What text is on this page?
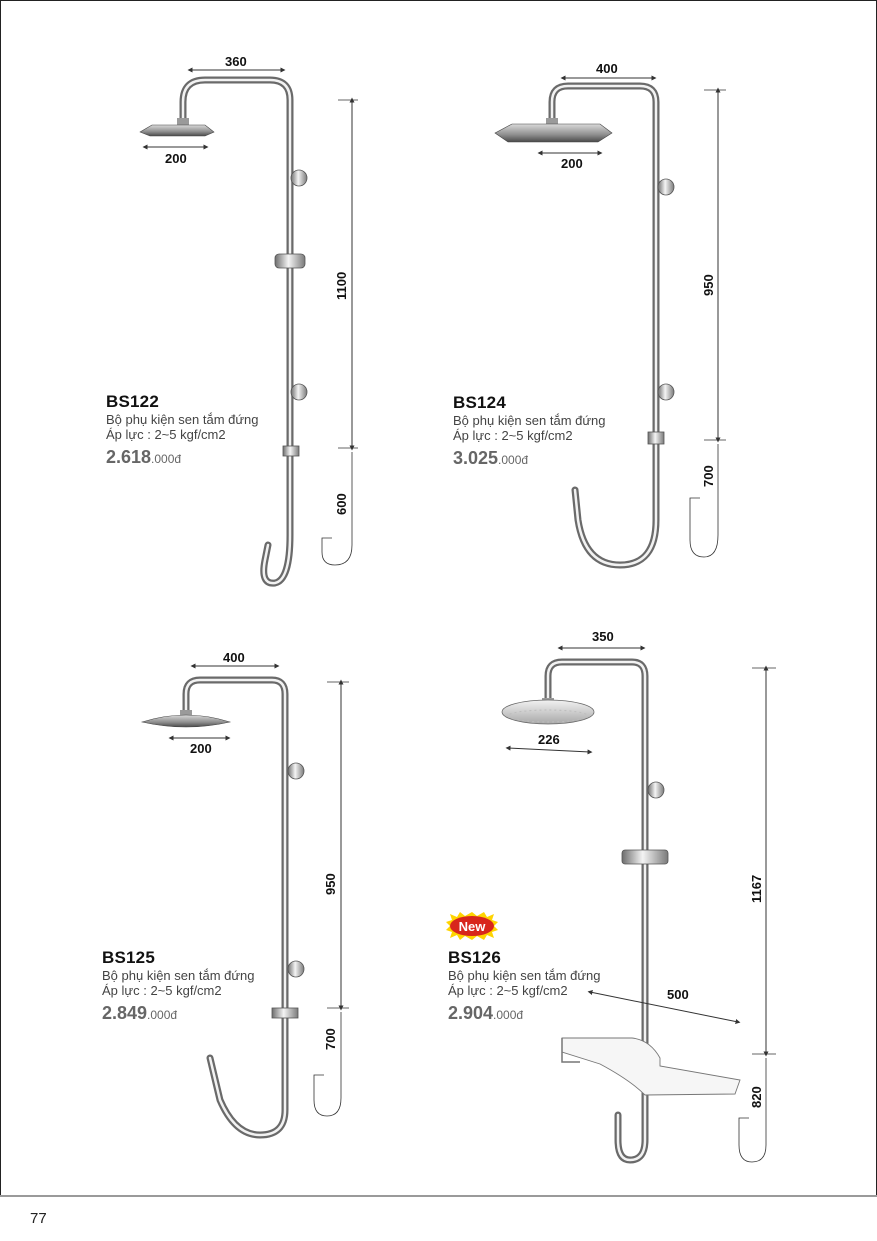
360
200
1100
600
400
200
950
700
400
200
950
700
350
226
500
1167
820
BS122
Bộ phụ kiện sen tắm đứng
Áp lực : 2~5 kgf/cm2
2.618.000đ
BS124
Bộ phụ kiện sen tắm đứng
Áp lực : 2~5 kgf/cm2
3.025.000đ
BS125
Bộ phụ kiện sen tắm đứng
Áp lực : 2~5 kgf/cm2
2.849.000đ
New
BS126
Bộ phụ kiện sen tắm đứng
Áp lực : 2~5 kgf/cm2
2.904.000đ
77
